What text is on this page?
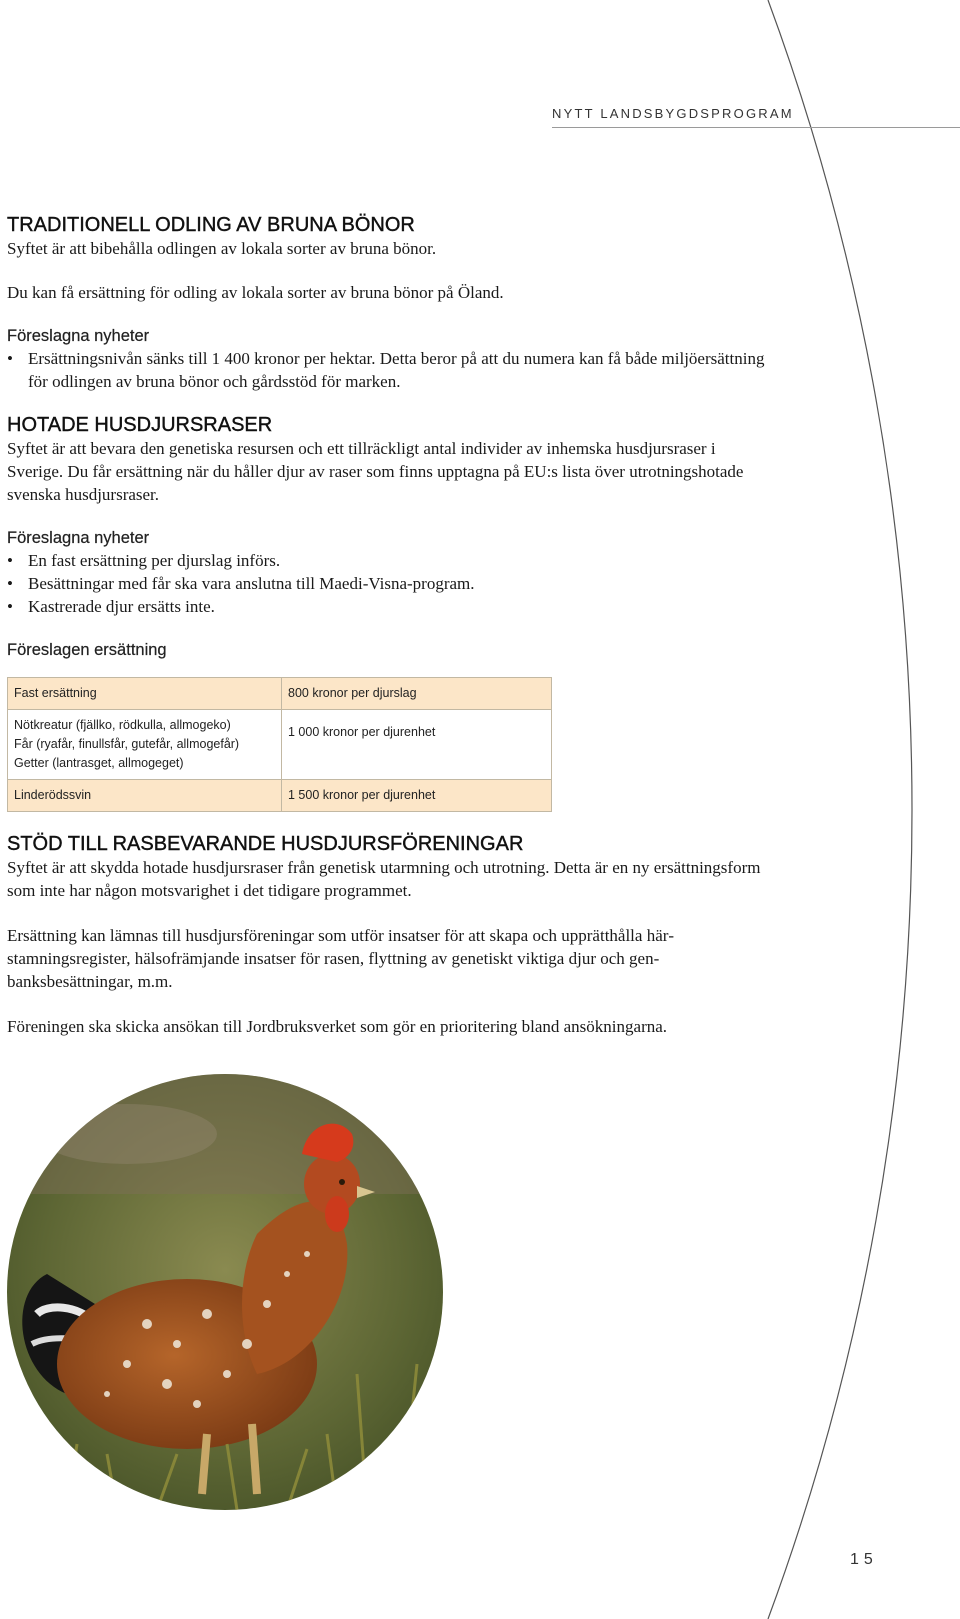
NYTT LANDSBYGDSPROGRAM
TRADITIONELL ODLING AV BRUNA BÖNOR

Syftet är att bibehålla odlingen av lokala sorter av bruna bönor.

Du kan få ersättning för odling av lokala sorter av bruna bönor på Öland.

Föreslagna nyheter
• Ersättningsnivån sänks till 1 400 kronor per hektar. Detta beror på att du numera kan få både miljöersättning för odlingen av bruna bönor och gårdsstöd för marken.
HOTADE HUSDJURSRASER

Syftet är att bevara den genetiska resursen och ett tillräckligt antal individer av inhemska husdjursraser i Sverige. Du får ersättning när du håller djur av raser som finns upptagna på EU:s lista över utrotningshotade svenska husdjursraser.

Föreslagna nyheter
• En fast ersättning per djurslag införs.
• Besättningar med får ska vara anslutna till Maedi-Visna-program.
• Kastrerade djur ersätts inte.
Föreslagen ersättning
Fast ersättning	800 kronor per djurslag

Nötkreatur (fjällko, rödkulla, allmogeko)
Får (ryafår, finullsfår, gutefår, allmogefår)
Getter (lantrasget, allmogeget)	1 000 kronor per djurenhet
Linderödssvin	1 500 kronor per djurenhet
STÖD TILL RASBEVARANDE HUSDJURSFÖRENINGAR

Syftet är att skydda hotade husdjursraser från genetisk utarmning och utrotning. Detta är en ny ersättningsform som inte har någon motsvarighet i det tidigare programmet.

Ersättning kan lämnas till husdjursföreningar som utför insatser för att skapa och upprätthålla härstamningsregister, hälsofrämjande insatser för rasen, flyttning av genetiskt viktiga djur och genbanksbesättningar, m.m.

Föreningen ska skicka ansökan till Jordbruksverket som gör en prioritering bland ansökningarna.

15
